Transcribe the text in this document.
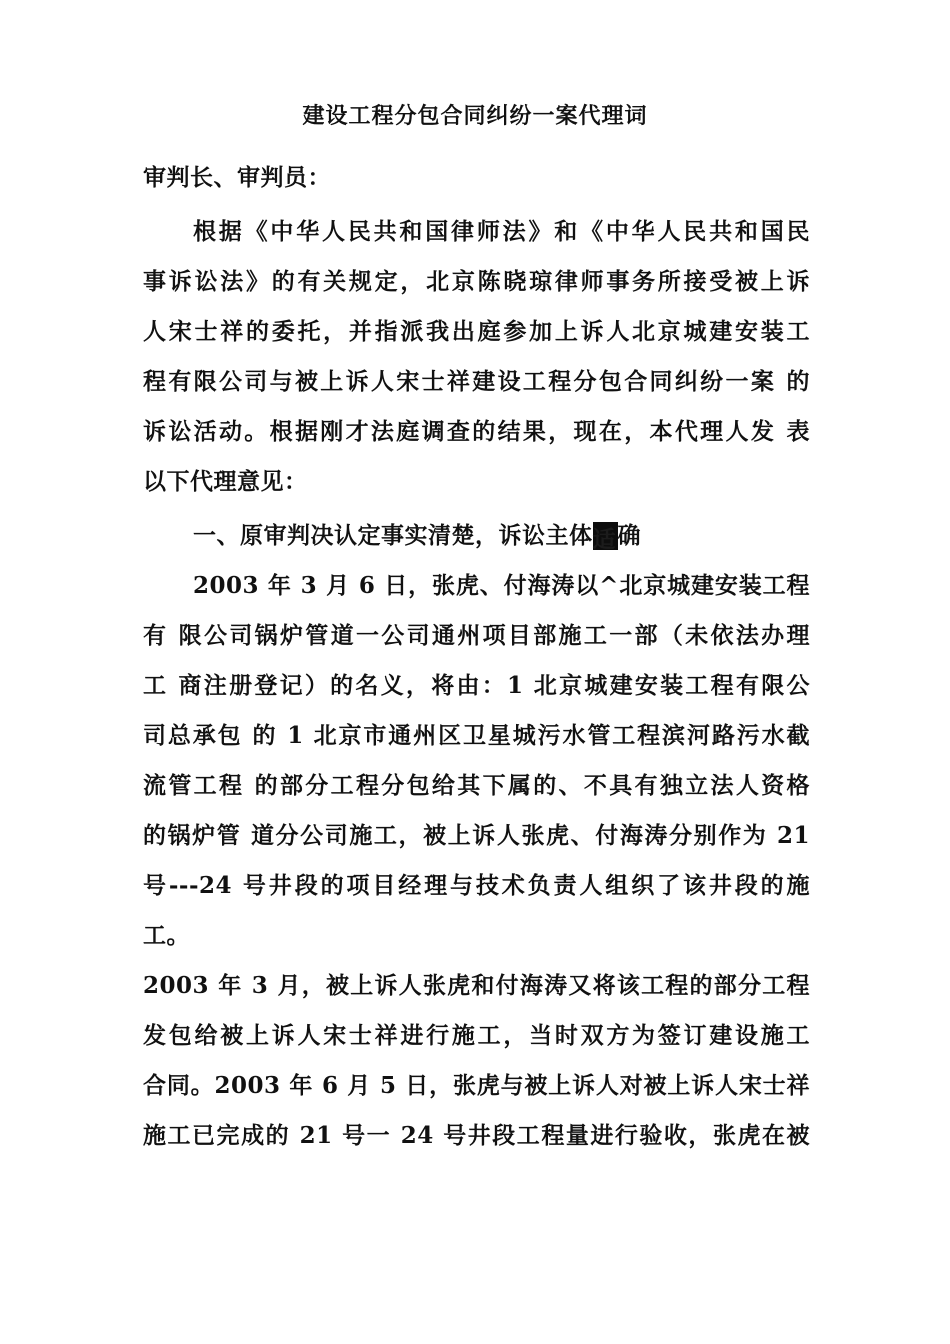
建设工程分包合同纠纷一案代理词
审判长、审判员：
根据《中华人民共和国律师法》和《中华人民共和国民
事诉讼法》的有关规定，北京陈晓琼律师事务所接受被上诉
人宋士祥的委托，并指派我出庭参加上诉人北京城建安装工
程有限公司与被上诉人宋士祥建设工程分包合同纠纷一案 的
诉讼活动。根据刚才法庭调查的结果，现在，本代理人发 表
以下代理意见：
一、原审判决认定事实清楚，诉讼主体适确
2003 年 3 月 6 日，张虎、付海涛以^北京城建安装工程
有 限公司锅炉管道一公司通州项目部施工一部（未依法办理
工 商注册登记）的名义，将由：1 北京城建安装工程有限公
司总承包 的 1 北京市通州区卫星城污水管工程滨河路污水截
流管工程 的部分工程分包给其下属的、不具有独立法人资格
的锅炉管 道分公司施工，被上诉人张虎、付海涛分别作为 21
号---24 号井段的项目经理与技术负责人组织了该井段的施
工。
2003 年 3 月，被上诉人张虎和付海涛又将该工程的部分工程
发包给被上诉人宋士祥进行施工，当时双方为签订建设施工
合同。2003 年 6 月 5 日，张虎与被上诉人对被上诉人宋士祥
施工已完成的 21 号一 24 号井段工程量进行验收，张虎在被
